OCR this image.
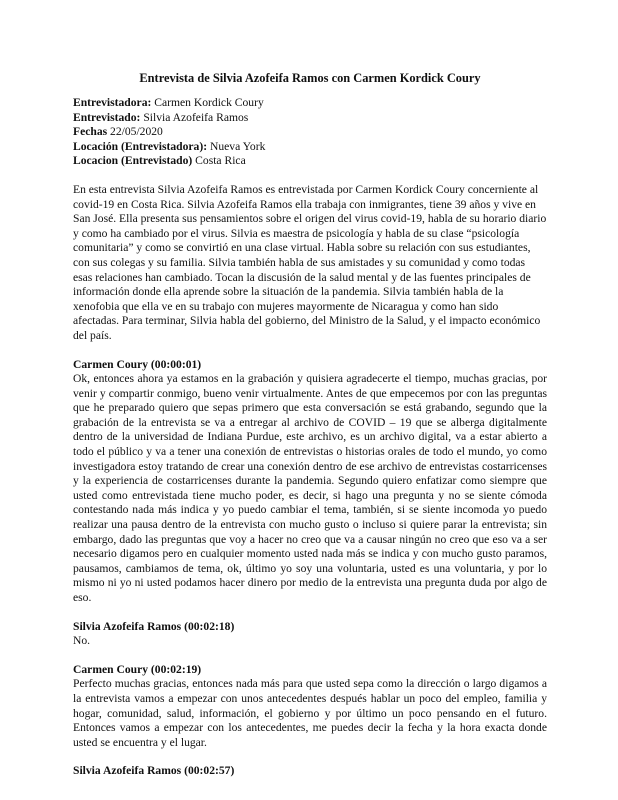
Entrevista de Silvia Azofeifa Ramos con Carmen Kordick Coury

Entrevistadora: Carmen Kordick Coury

Entrevistado: Silvia Azofeifa Ramos

Fechas 22/05/2020

Locación (Entrevistadora): Nueva York

Locacion (Entrevistado) Costa Rica

En esta entrevista Silvia Azofeifa Ramos es entrevistada por Carmen Kordick Coury concerniente al covid-19 en Costa Rica. Silvia Azofeifa Ramos ella trabaja con inmigrantes, tiene 39 años y vive en San José. Ella presenta sus pensamientos sobre el origen del virus covid-19, habla de su horario diario y como ha cambiado por el virus. Silvia es maestra de psicología y habla de su clase “psicología comunitaria” y como se convirtió en una clase virtual. Habla sobre su relación con sus estudiantes, con sus colegas y su familia. Silvia también habla de sus amistades y su comunidad y como todas esas relaciones han cambiado. Tocan la discusión de la salud mental y de las fuentes principales de información donde ella aprende sobre la situación de la pandemia. Silvia también habla de la xenofobia que ella ve en su trabajo con mujeres mayormente de Nicaragua y como han sido afectadas. Para terminar, Silvia habla del gobierno, del Ministro de la Salud, y el impacto económico del país.

Carmen Coury (00:00:01)

Ok, entonces ahora ya estamos en la grabación y quisiera agradecerte el tiempo, muchas gracias, por venir y compartir conmigo, bueno venir virtualmente. Antes de que empecemos por con las preguntas que he preparado quiero que sepas primero que esta conversación se está grabando, segundo que la grabación de la entrevista se va a entregar al archivo de COVID – 19 que se alberga digitalmente dentro de la universidad de Indiana Purdue, este archivo, es un archivo digital, va a estar abierto a todo el público y va a tener una conexión de entrevistas o historias orales de todo el mundo, yo como investigadora estoy tratando de crear una conexión dentro de ese archivo de entrevistas costarricenses y la experiencia de costarricenses durante la pandemia. Segundo quiero enfatizar como siempre que usted como entrevistada tiene mucho poder, es decir, si hago una pregunta y no se siente cómoda contestando nada más indica y yo puedo cambiar el tema, también, si se siente incomoda yo puedo realizar una pausa dentro de la entrevista con mucho gusto o incluso si quiere parar la entrevista; sin embargo, dado las preguntas que voy a hacer no creo que va a causar ningún no creo que eso va a ser necesario digamos pero en cualquier momento usted nada más se indica y con mucho gusto paramos, pausamos, cambiamos de tema, ok, último yo soy una voluntaria, usted es una voluntaria, y por lo mismo ni yo ni usted podamos hacer dinero por medio de la entrevista una pregunta duda por algo de eso.

Silvia Azofeifa Ramos (00:02:18)

No.

Carmen Coury (00:02:19)

Perfecto muchas gracias, entonces nada más para que usted sepa como la dirección o largo digamos a la entrevista vamos a empezar con unos antecedentes después hablar un poco del empleo, familia y hogar, comunidad, salud, información, el gobierno y por último un poco pensando en el futuro. Entonces vamos a empezar con los antecedentes, me puedes decir la fecha y la hora exacta donde usted se encuentra y el lugar.

Silvia Azofeifa Ramos (00:02:57)
